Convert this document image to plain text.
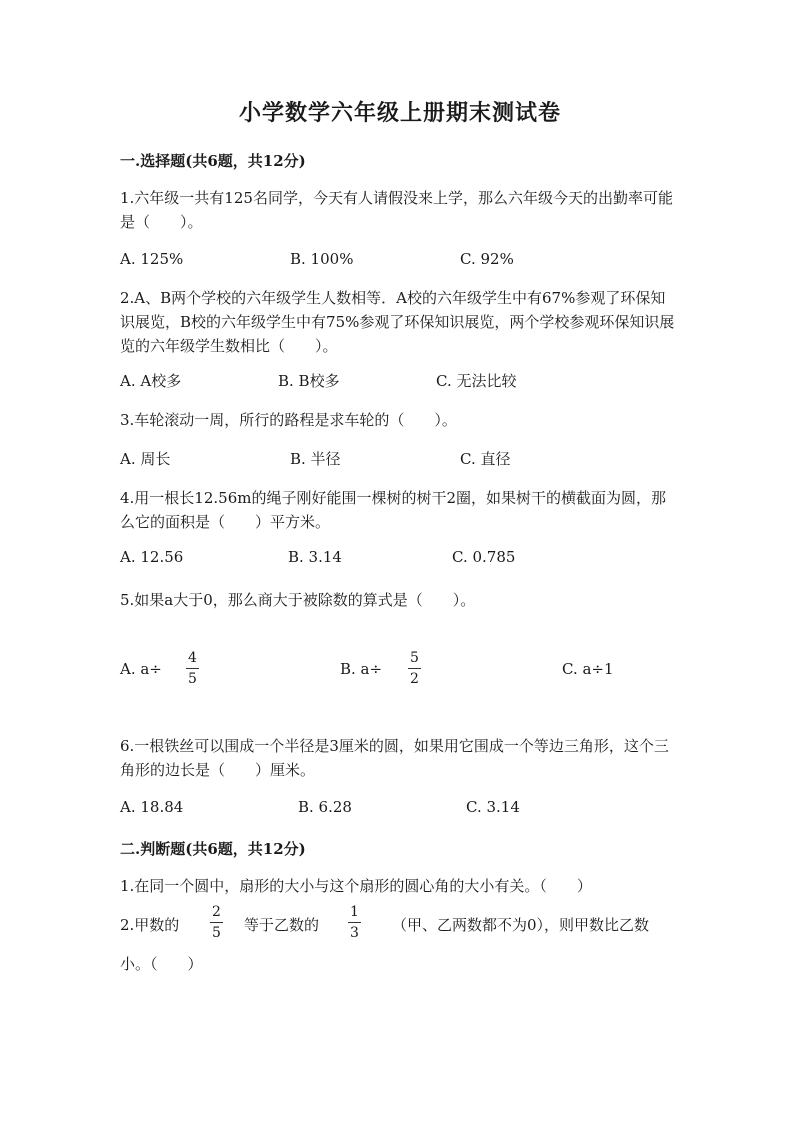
小学数学六年级上册期末测试卷
一.选择题(共6题，共12分)
1.六年级一共有125名同学，今天有人请假没来上学，那么六年级今天的出勤率可能是（　　）。
A. 125%	B. 100%	C. 92%
2.A、B两个学校的六年级学生人数相等．A校的六年级学生中有67%参观了环保知识展览，B校的六年级学生中有75%参观了环保知识展览，两个学校参观环保知识展览的六年级学生数相比（　　）。
A. A校多	B. B校多	C. 无法比较
3.车轮滚动一周，所行的路程是求车轮的（　　）。
A. 周长	B. 半径	C. 直径
4.用一根长12.56m的绳子刚好能围一棵树的树干2圈，如果树干的横截面为圆，那么它的面积是（　　）平方米。
A. 12.56	B. 3.14	C. 0.785
5.如果a大于0，那么商大于被除数的算式是（　　）。
A. a÷
4
5
B. a÷
5
2
C. a÷1
6.一根铁丝可以围成一个半径是3厘米的圆，如果用它围成一个等边三角形，这个三角形的边长是（　　）厘米。
A. 18.84	B. 6.28	C. 3.14
二.判断题(共6题，共12分)
1.在同一个圆中，扇形的大小与这个扇形的圆心角的大小有关。（　　）
2.甲数的
2
5 等于乙数的
1
3 （甲、乙两数都不为0），则甲数比乙数
小。（　　）
